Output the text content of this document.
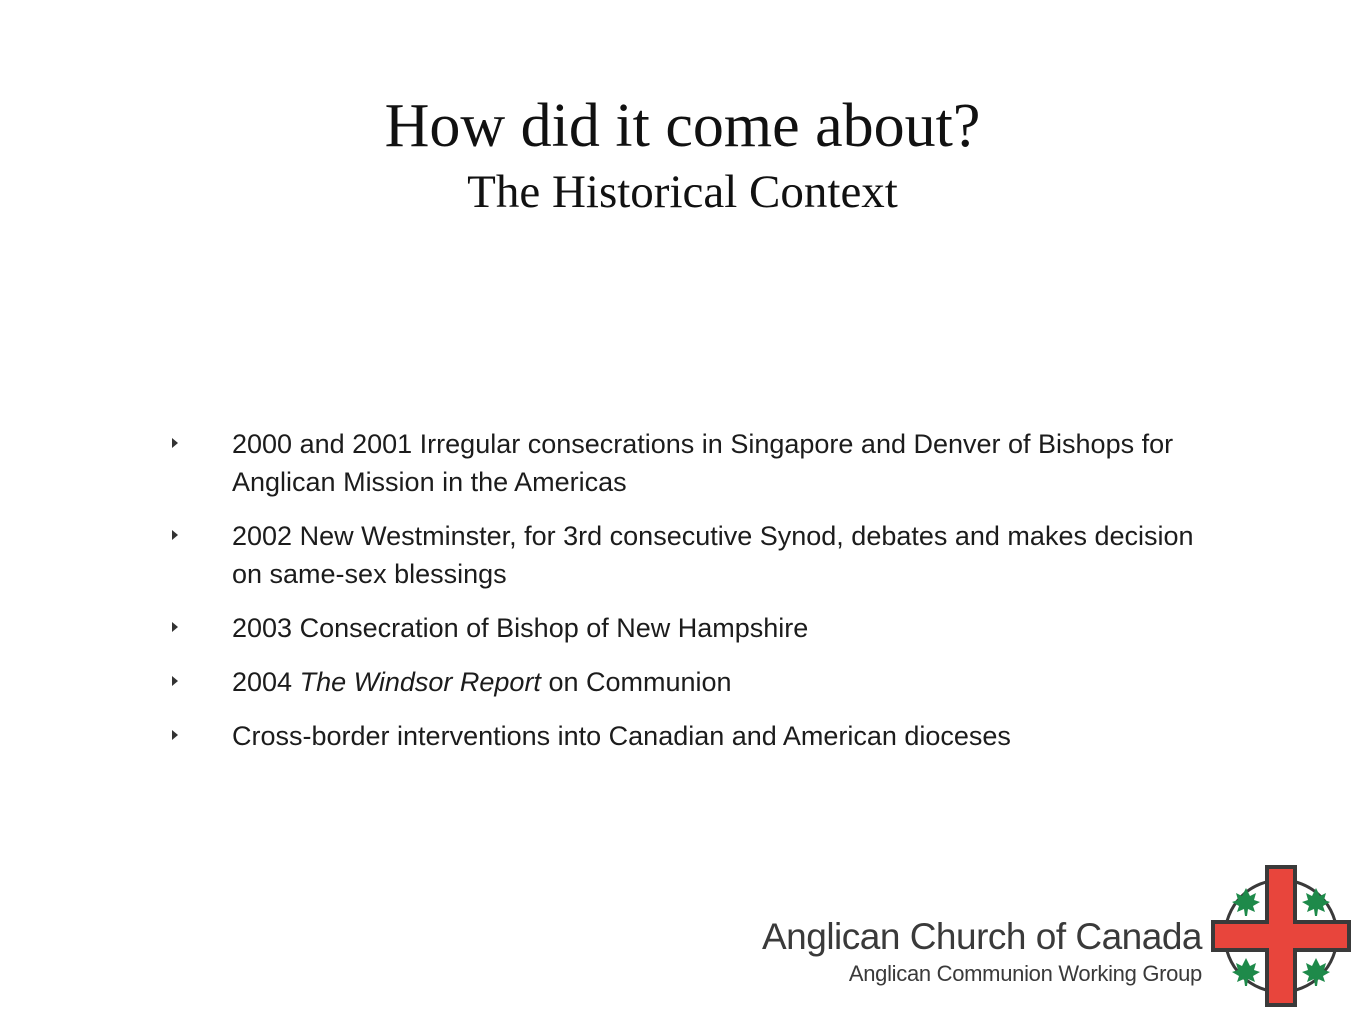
How did it come about?
The Historical Context
2000 and 2001 Irregular consecrations in Singapore and Denver of Bishops for Anglican Mission in the Americas
2002 New Westminster, for 3rd consecutive Synod, debates and makes decision on same-sex blessings
2003 Consecration of Bishop of New Hampshire
2004 The Windsor Report on Communion
Cross-border interventions into Canadian and American dioceses
Anglican Church of Canada
Anglican Communion Working Group
